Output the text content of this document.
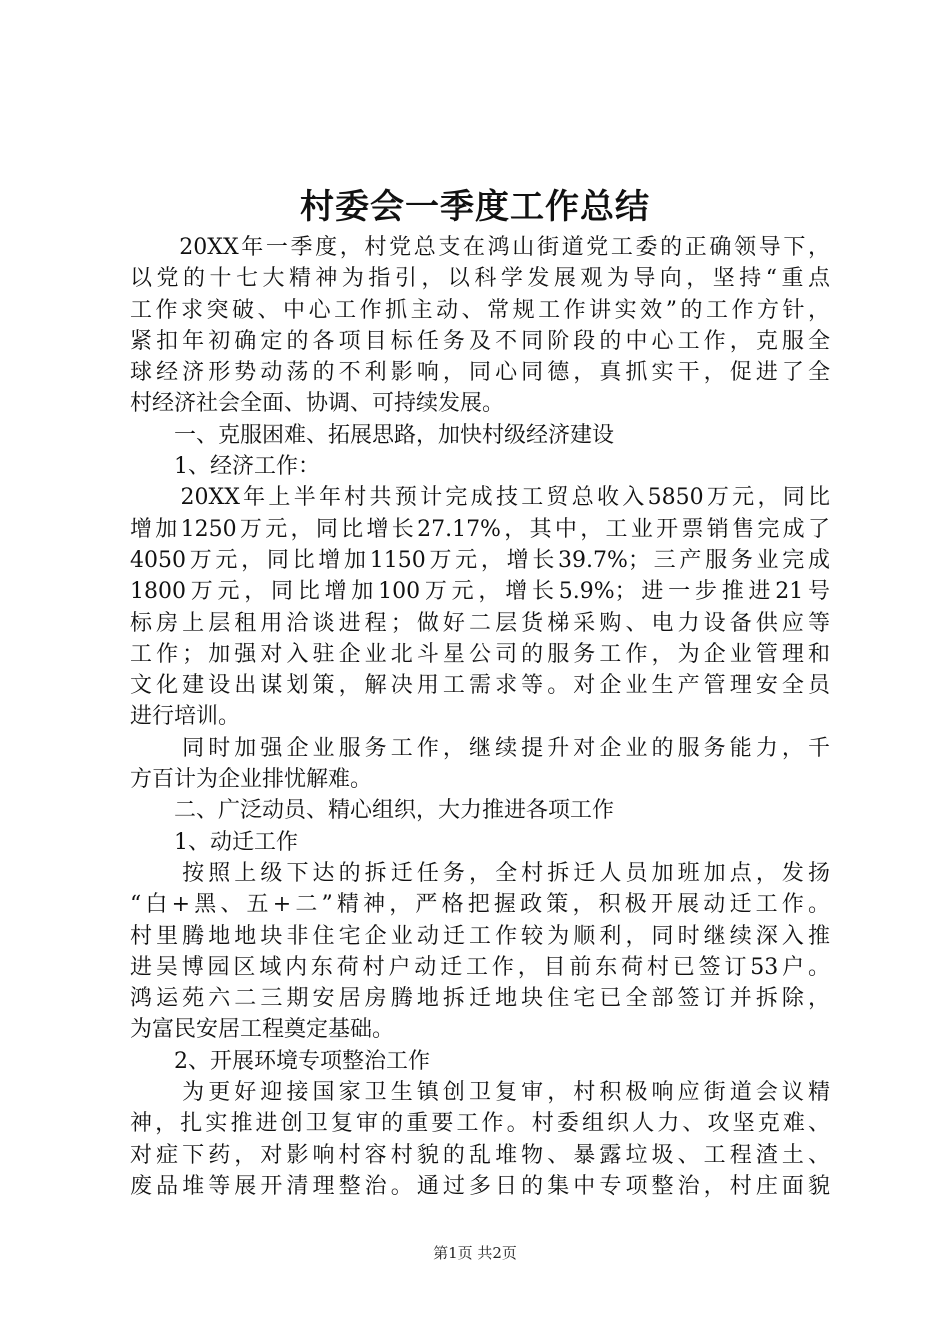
村委会一季度工作总结
　　20XX年一季度，村党总支在鸿山街道党工委的正确领导下，
以党的十七大精神为指引，以科学发展观为导向，坚持“重点
工作求突破、中心工作抓主动、常规工作讲实效”的工作方针，
紧扣年初确定的各项目标任务及不同阶段的中心工作，克服全
球经济形势动荡的不利影响，同心同德，真抓实干，促进了全
村经济社会全面、协调、可持续发展。
　　一、克服困难、拓展思路，加快村级经济建设
　　1、经济工作：
　　20XX年上半年村共预计完成技工贸总收入5850万元，同比
增加1250万元，同比增长27.17%，其中，工业开票销售完成了
4050万元，同比增加1150万元，增长39.7%；三产服务业完成
1800万元，同比增加100万元，增长5.9%；进一步推进21号
标房上层租用洽谈进程；做好二层货梯采购、电力设备供应等
工作；加强对入驻企业北斗星公司的服务工作，为企业管理和
文化建设出谋划策，解决用工需求等。对企业生产管理安全员
进行培训。
　　同时加强企业服务工作，继续提升对企业的服务能力，千
方百计为企业排忧解难。
　　二、广泛动员、精心组织，大力推进各项工作
　　1、动迁工作
　　按照上级下达的拆迁任务，全村拆迁人员加班加点，发扬
“白+黑、五+二”精神，严格把握政策，积极开展动迁工作。
村里腾地地块非住宅企业动迁工作较为顺利，同时继续深入推
进吴博园区域内东荷村户动迁工作，目前东荷村已签订53户。
鸿运苑六二三期安居房腾地拆迁地块住宅已全部签订并拆除，
为富民安居工程奠定基础。
　　2、开展环境专项整治工作
　　为更好迎接国家卫生镇创卫复审，村积极响应街道会议精
神，扎实推进创卫复审的重要工作。村委组织人力、攻坚克难、
对症下药，对影响村容村貌的乱堆物、暴露垃圾、工程渣土、
废品堆等展开清理整治。通过多日的集中专项整治，村庄面貌
第1页 共2页
